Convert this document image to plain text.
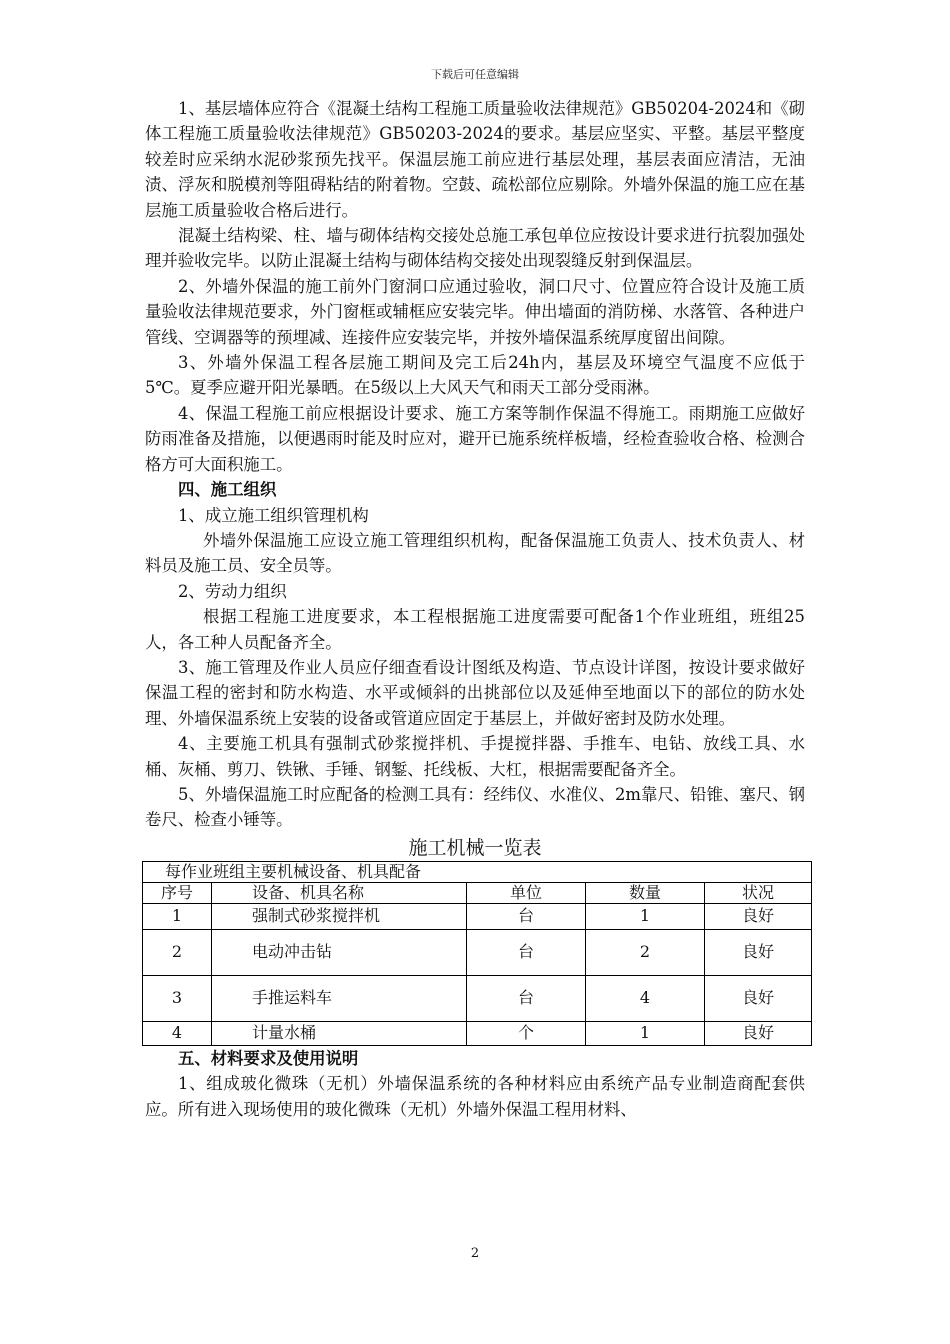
下载后可任意编辑

1、基层墙体应符合《混凝土结构工程施工质量验收法律规范》GB50204-2024和《砌体工程施工质量验收法律规范》GB50203-2024的要求。基层应坚实、平整。基层平整度较差时应采纳水泥砂浆预先找平。保温层施工前应进行基层处理，基层表面应清洁，无油渍、浮灰和脱模剂等阻碍粘结的附着物。空鼓、疏松部位应剔除。外墙外保温的施工应在基层施工质量验收合格后进行。

混凝土结构梁、柱、墙与砌体结构交接处总施工承包单位应按设计要求进行抗裂加强处理并验收完毕。以防止混凝土结构与砌体结构交接处出现裂缝反射到保温层。

2、外墙外保温的施工前外门窗洞口应通过验收，洞口尺寸、位置应符合设计及施工质量验收法律规范要求，外门窗框或辅框应安装完毕。伸出墙面的消防梯、水落管、各种进户管线、空调器等的预埋减、连接件应安装完毕，并按外墙保温系统厚度留出间隙。

3、外墙外保温工程各层施工期间及完工后24h内，基层及环境空气温度不应低于5℃。夏季应避开阳光暴晒。在5级以上大风天气和雨天工部分受雨淋。

4、保温工程施工前应根据设计要求、施工方案等制作保温不得施工。雨期施工应做好防雨准备及措施，以便遇雨时能及时应对，避开已施系统样板墙，经检查验收合格、检测合格方可大面积施工。

四、施工组织

1、成立施工组织管理机构

外墙外保温施工应设立施工管理组织机构，配备保温施工负责人、技术负责人、材料员及施工员、安全员等。

2、劳动力组织

根据工程施工进度要求，本工程根据施工进度需要可配备1个作业班组，班组25人，各工种人员配备齐全。

3、施工管理及作业人员应仔细查看设计图纸及构造、节点设计详图，按设计要求做好保温工程的密封和防水构造、水平或倾斜的出挑部位以及延伸至地面以下的部位的防水处理、外墙保温系统上安装的设备或管道应固定于基层上，并做好密封及防水处理。

4、主要施工机具有强制式砂浆搅拌机、手提搅拌器、手推车、电钻、放线工具、水桶、灰桶、剪刀、铁锹、手锤、钢錾、托线板、大杠，根据需要配备齐全。

5、外墙保温施工时应配备的检测工具有：经纬仪、水准仪、2m靠尺、铅锥、塞尺、钢卷尺、检查小锤等。

施工机械一览表
每作业班组主要机械设备、机具配备				
序号	设备、机具名称	单位	数量	状况
1	强制式砂浆搅拌机	台	1	良好
2	电动冲击钻	台	2	良好
3	手推运料车	台	4	良好
4	计量水桶	个	1	良好

五、材料要求及使用说明

1、组成玻化微珠（无机）外墙保温系统的各种材料应由系统产品专业制造商配套供应。所有进入现场使用的玻化微珠（无机）外墙外保温工程用材料、

2
